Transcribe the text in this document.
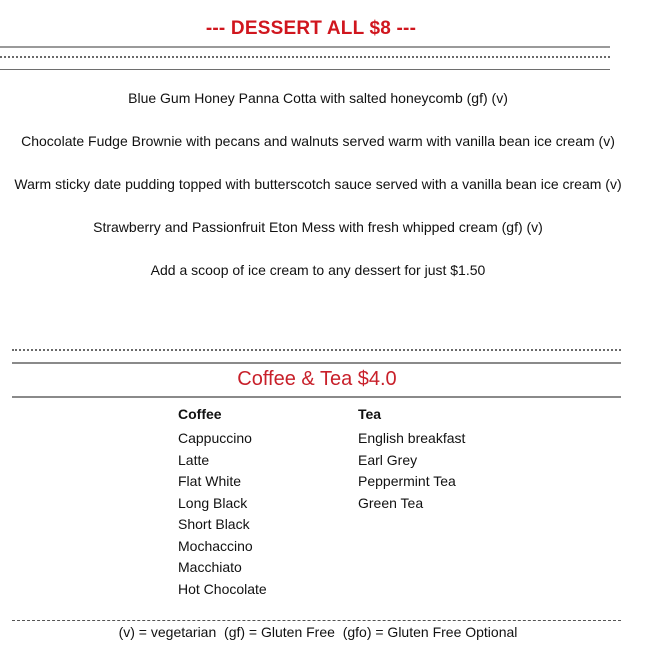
--- DESSERT ALL $8 ---
Blue Gum Honey Panna Cotta with salted honeycomb (gf) (v)
Chocolate Fudge Brownie with pecans and walnuts served warm with vanilla bean ice cream (v)
Warm sticky date pudding topped with butterscotch sauce served with a vanilla bean ice cream (v)
Strawberry and Passionfruit Eton Mess with fresh whipped cream (gf) (v)
Add a scoop of ice cream to any dessert for just $1.50
Coffee & Tea $4.0
Coffee
Cappuccino
Latte
Flat White
Long Black
Short Black
Mochaccino
Macchiato
Hot Chocolate
Tea
English breakfast
Earl Grey
Peppermint Tea
Green Tea
(v) = vegetarian  (gf) = Gluten Free  (gfo) = Gluten Free Optional
